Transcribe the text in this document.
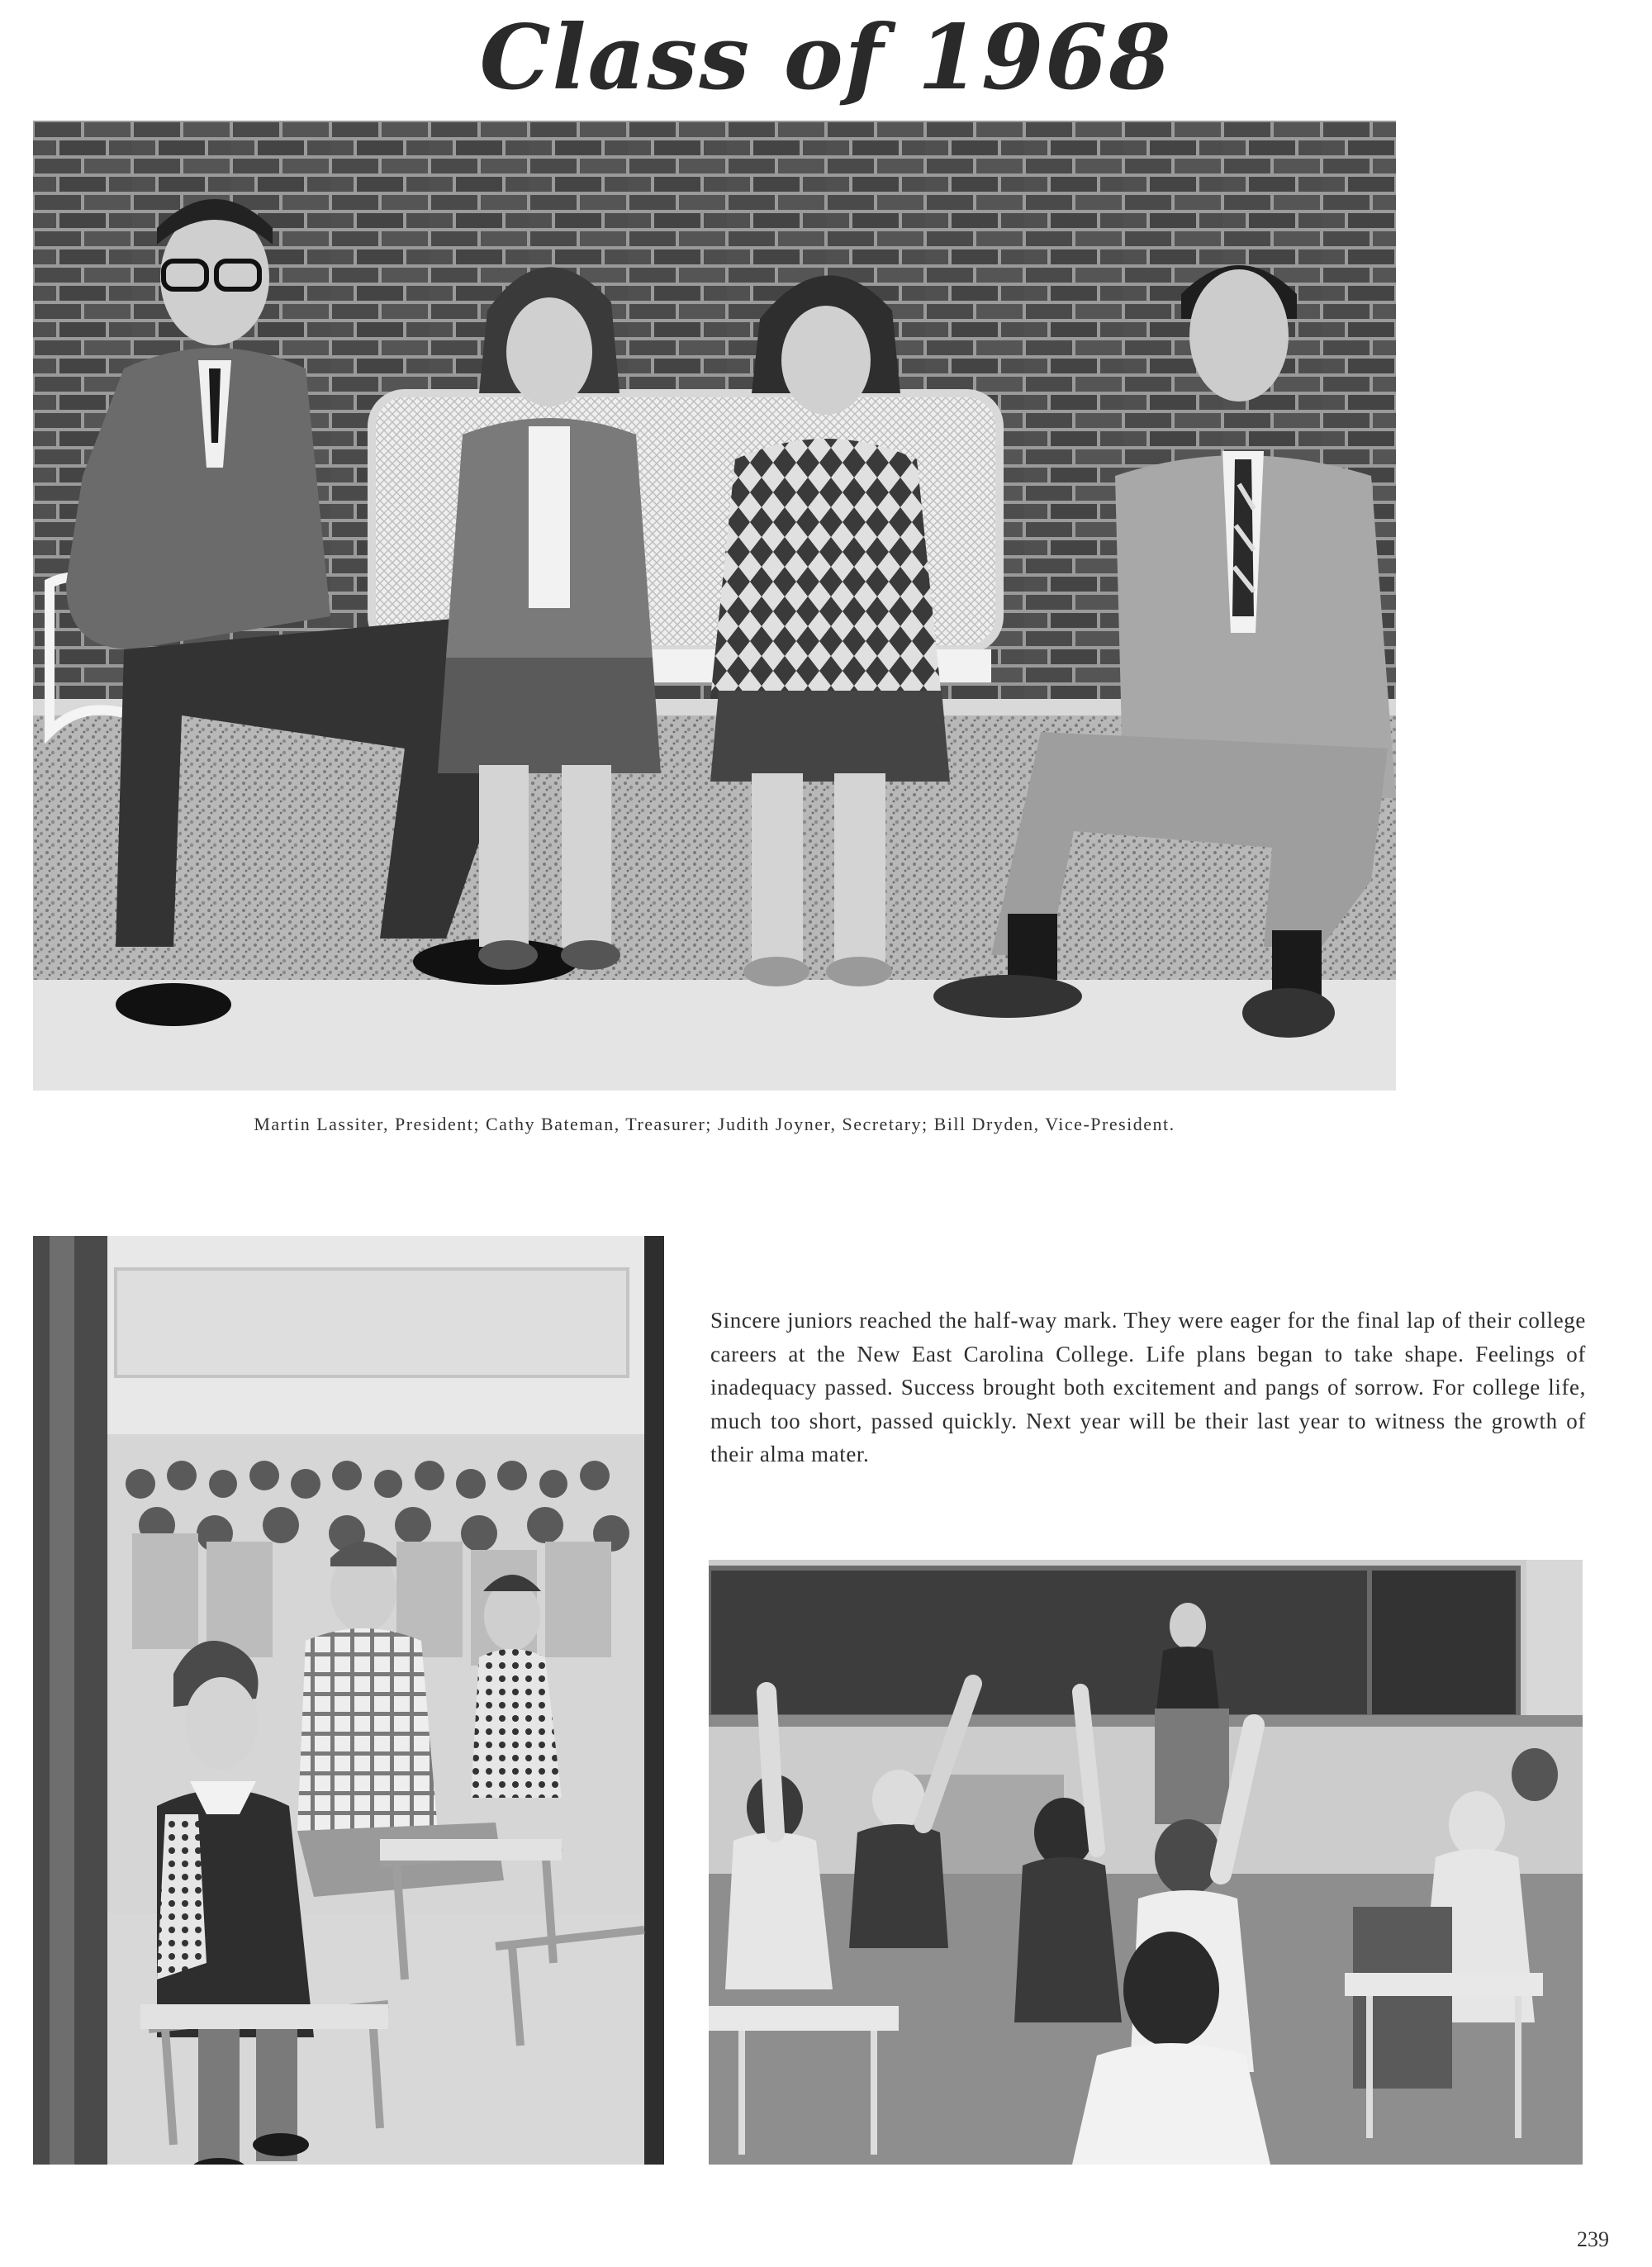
Class of 1968
Martin Lassiter, President; Cathy Bateman, Treasurer; Judith Joyner, Secretary; Bill Dryden, Vice-President.
Sincere juniors reached the half-way mark. They were eager for the final lap of their college careers at the New East Carolina College. Life plans began to take shape. Feelings of inadequacy passed. Success brought both excitement and pangs of sorrow. For college life, much too short, passed quickly. Next year will be their last year to witness the growth of their alma mater.
239
